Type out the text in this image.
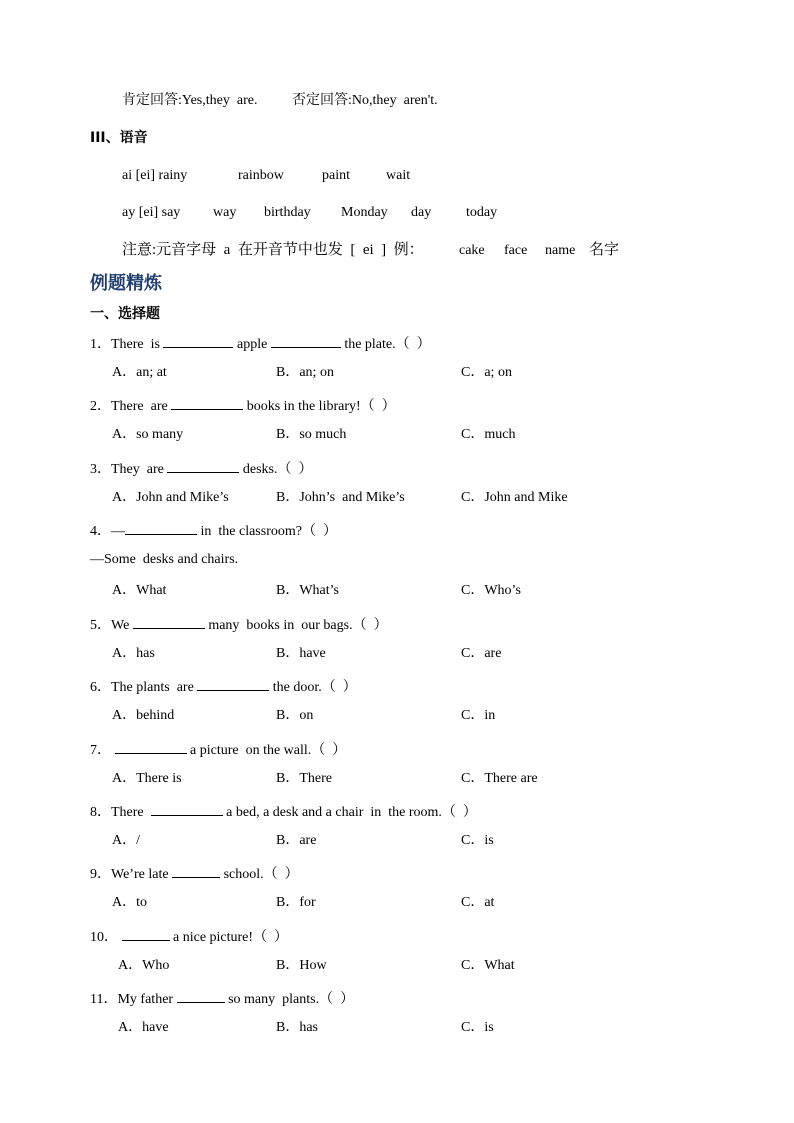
肯定回答:Yes,they  are. 否定回答:No,they  aren't.
III、语音
ai [ei] rainy	rainbow	paint	wait
ay [ei] say way birthday Monday day today
注意:元音字母  a  在开音节中也发  [  ei  ]  例：	cake face name 名字
例题精炼
一、选择题
1．There  is	apple	the plate.（  ）
A．an; at	B．an; on	C．a; on
2．There  are	books in the library!（  ）
A．so many	B．so much	C．much
3．They  are	desks.（  ）
A．John and Mike’s	B．John’s  and Mike’s	C．John and Mike
4．—	in  the classroom?（  ）
—Some  desks and chairs.
A．What	B．What’s	C．Who’s
5．We	many  books in  our bags.（  ）
A．has	B．have	C．are
6．The plants  are	the door.（  ）
A．behind	B．on	C．in
7．	a picture  on the wall.（  ）
A．There is	B．There	C．There are
8．There	a bed, a desk and a chair  in  the room.（  ）
A．/	B．are	C．is
9．We’re late	school.（  ）
A．to	B．for	C．at
10．	a nice picture!（  ）
A．Who	B．How	C．What
11．My father	so many  plants.（  ）
A．have	B．has	C．is
